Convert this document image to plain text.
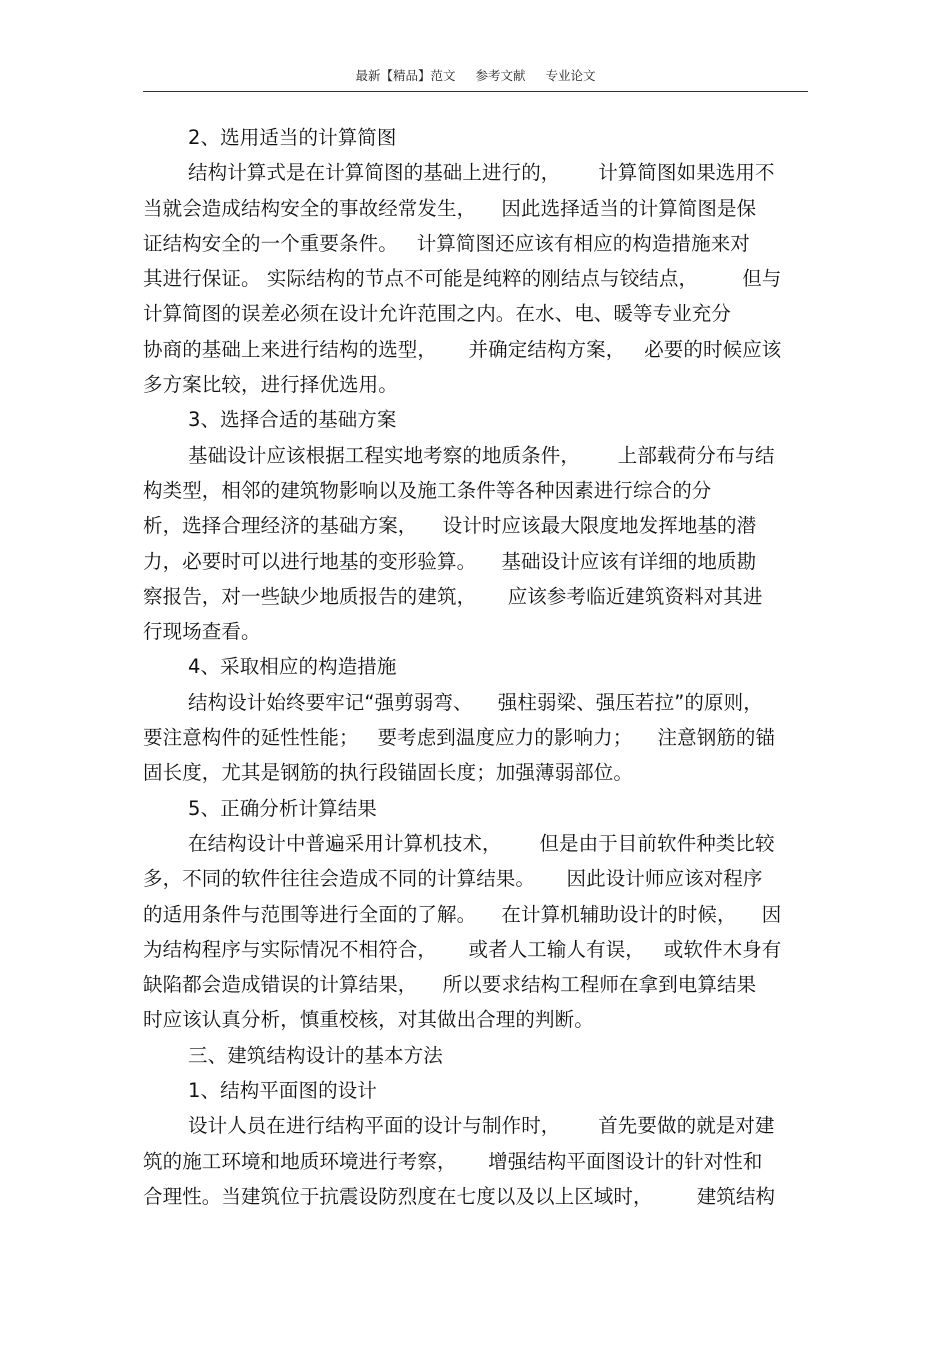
最新【精品】范文 参考文献 专业论文
2、选用适当的计算简图
结构计算式是在计算简图的基础上进行的，      计算简图如果选用不
当就会造成结构安全的事故经常发生，    因此选择适当的计算简图是保
证结构安全的一个重要条件。   计算简图还应该有相应的构造措施来对
其进行保证。 实际结构的节点不可能是纯粹的刚结点与铰结点，       但与
计算简图的误差必须在设计允许范围之内。在水、电、暖等专业充分
协商的基础上来进行结构的选型，     并确定结构方案，   必要的时候应该
多方案比较，进行择优选用。
3、选择合适的基础方案
基础设计应该根据工程实地考察的地质条件，      上部载荷分布与结
构类型，相邻的建筑物影响以及施工条件等各种因素进行综合的分
析，选择合理经济的基础方案，    设计时应该最大限度地发挥地基的潜
力，必要时可以进行地基的变形验算。    基础设计应该有详细的地质勘
察报告，对一些缺少地质报告的建筑，     应该参考临近建筑资料对其进
行现场查看。
4、采取相应的构造措施
结构设计始终要牢记“强剪弱弯、    强柱弱梁、强压若拉”的原则，
要注意构件的延性性能；   要考虑到温度应力的影响力；    注意钢筋的锚
固长度，尤其是钢筋的执行段锚固长度；加强薄弱部位。
5、正确分析计算结果
在结构设计中普遍采用计算机技术，      但是由于目前软件种类比较
多，不同的软件往往会造成不同的计算结果。     因此设计师应该对程序
的适用条件与范围等进行全面的了解。    在计算机辅助设计的时候，    因
为结构程序与实际情况不相符合，     或者人工输人有误，   或软件木身有
缺陷都会造成错误的计算结果，    所以要求结构工程师在拿到电算结果
时应该认真分析，慎重校核，对其做出合理的判断。
三、建筑结构设计的基本方法
1、结构平面图的设计
设计人员在进行结构平面的设计与制作时，      首先要做的就是对建
筑的施工环境和地质环境进行考察，     增强结构平面图设计的针对性和
合理性。当建筑位于抗震设防烈度在七度以及以上区域时，       建筑结构
